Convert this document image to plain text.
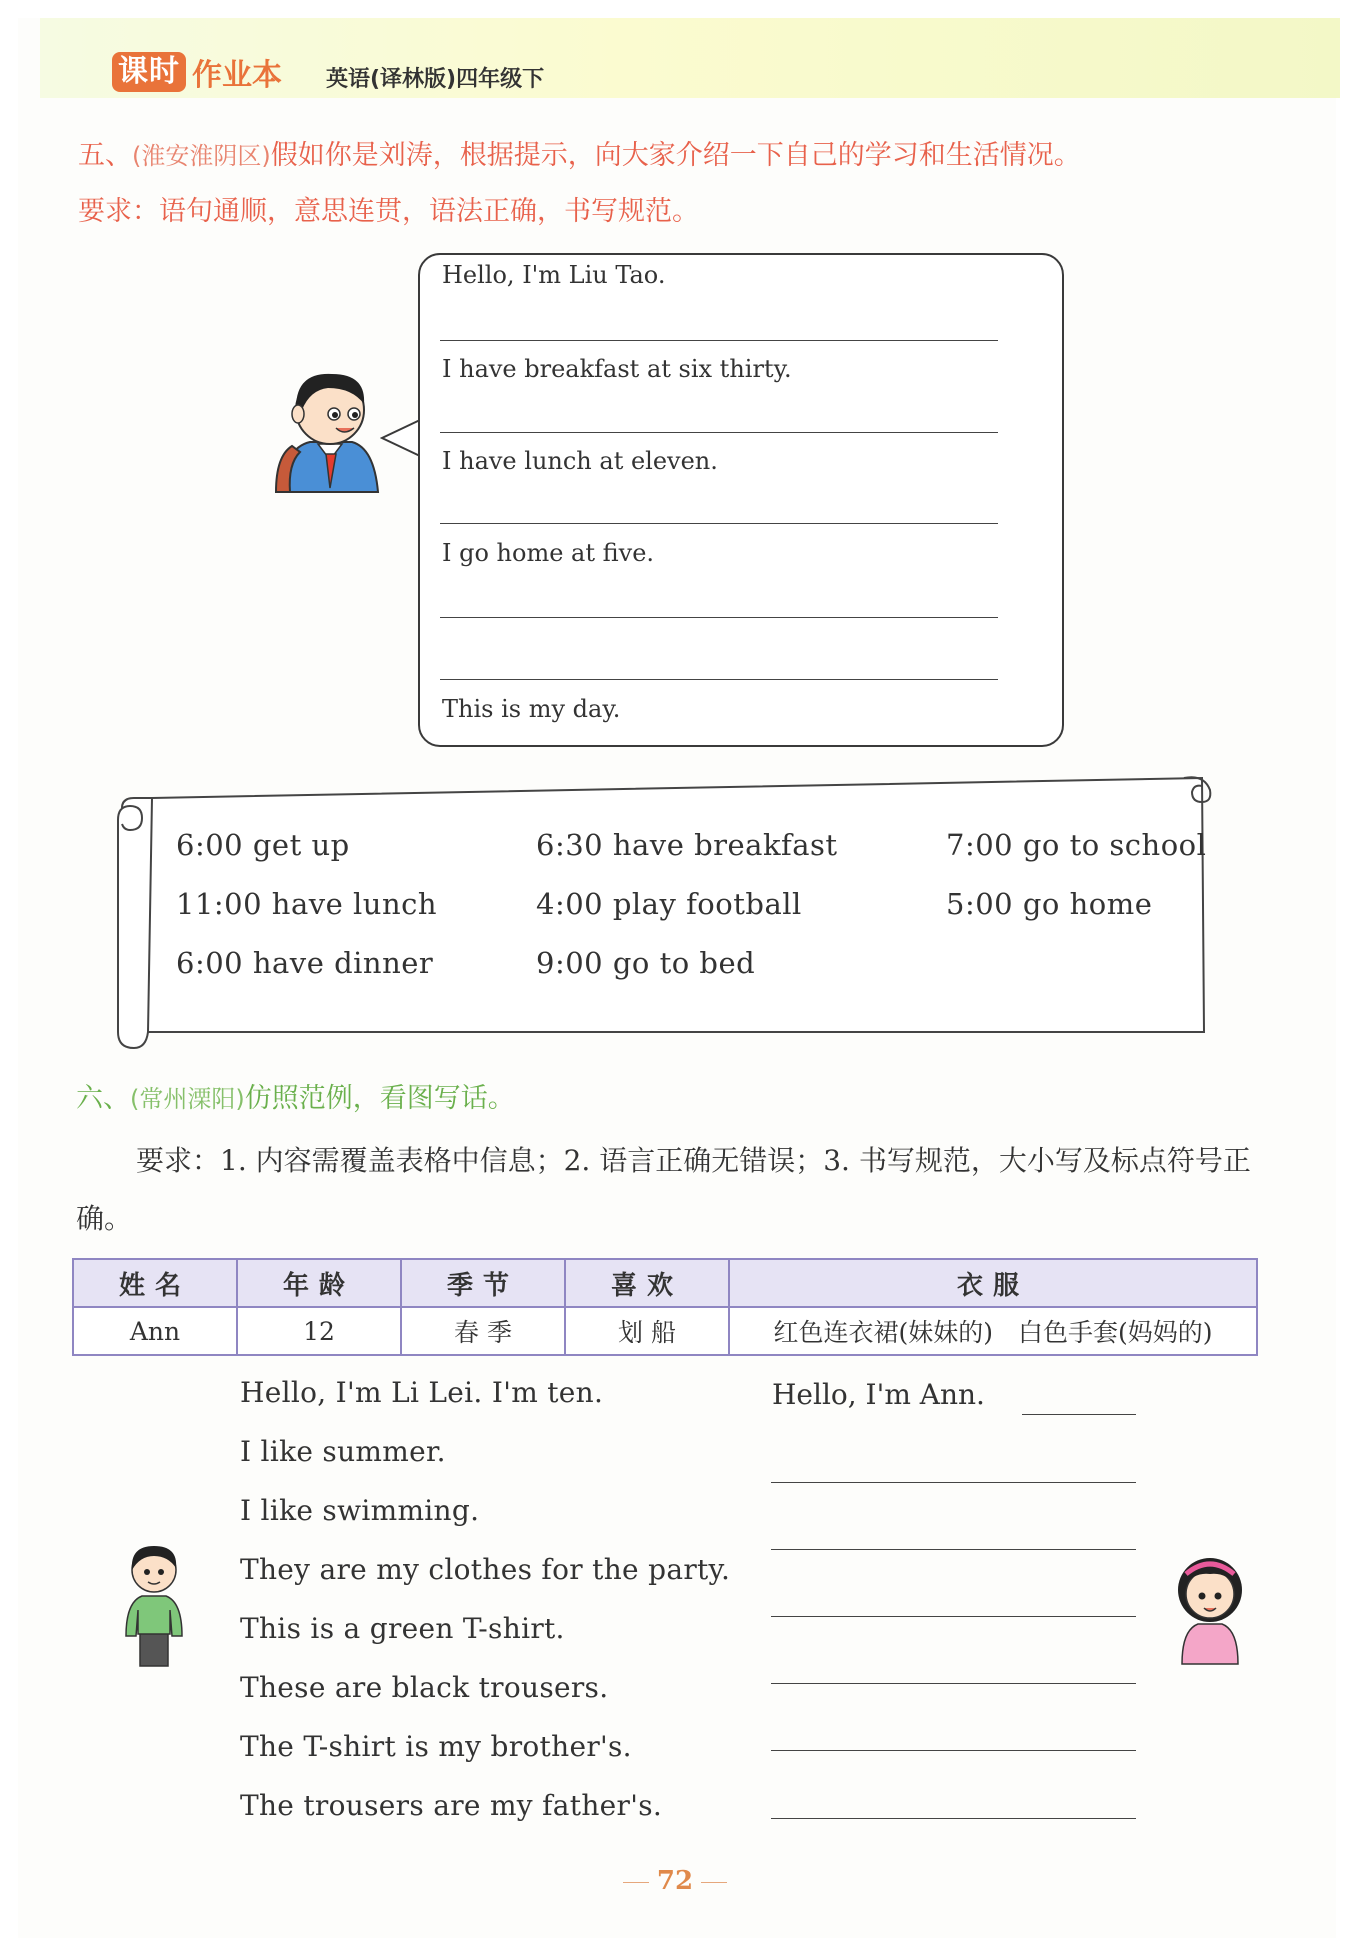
课时 作业本 英语(译林版)四年级下
五、(淮安淮阴区)假如你是刘涛，根据提示，向大家介绍一下自己的学习和生活情况。
要求：语句通顺，意思连贯，语法正确，书写规范。
Hello, I'm Liu Tao.
I have breakfast at six thirty.
I have lunch at eleven.
I go home at five.
This is my day.
6:00 get up	6:30 have breakfast	7:00 go to school
11:00 have lunch	4:00 play football	5:00 go home
6:00 have dinner	9:00 go to bed
六、(常州溧阳)仿照范例，看图写话。
要求：1. 内容需覆盖表格中信息；2. 语言正确无错误；3. 书写规范，大小写及标点符号正确。
姓名	年龄	季节	喜欢	衣服
Ann	12	春 季	划 船	红色连衣裙(妹妹的)　白色手套(妈妈的)
Hello, I'm Li Lei. I'm ten.
I like summer.
I like swimming.
They are my clothes for the party.
This is a green T-shirt.
These are black trousers.
The T-shirt is my brother's.
The trousers are my father's.
Hello, I'm Ann.
72
